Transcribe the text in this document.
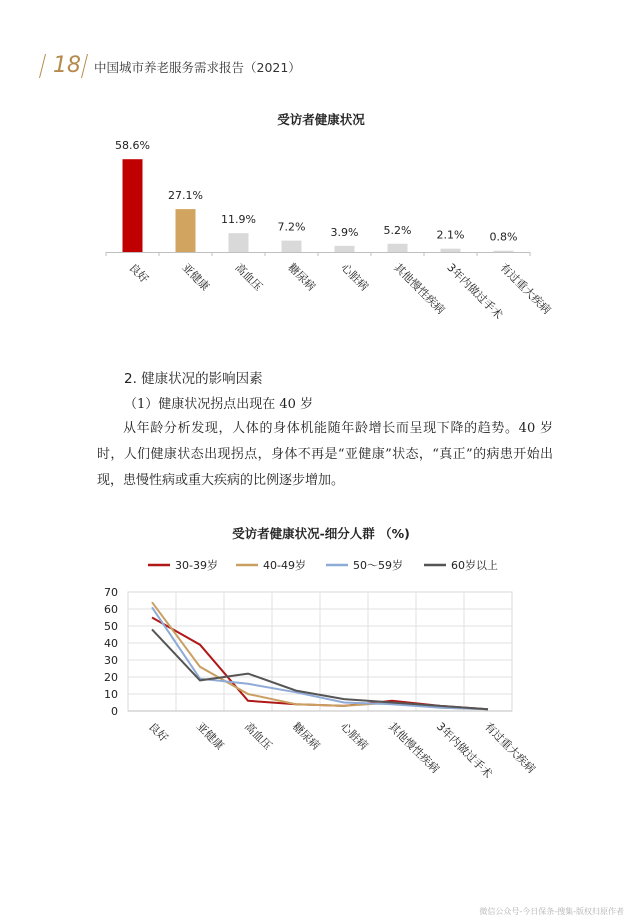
18 中国城市养老服务需求报告（2021）
受访者健康状况
58.6%
良好
27.1%
亚健康
11.9%
高血压
7.2%
糖尿病
3.9%
心脏病
5.2%
其他慢性疾病
2.1%
3年内做过手术
0.8%
有过重大疾病
2. 健康状况的影响因素
（1）健康状况拐点出现在 40 岁

从年龄分析发现，人体的身体机能随年龄增长而呈现下降的趋势。40 岁时，人们健康状态出现拐点，身体不再是“亚健康”状态，“真正”的病患开始出现，患慢性病或重大疾病的比例逐步增加。

受访者健康状况-细分人群 （%)
0
10
20
30
40
50
60
70
良好 亚健康 高血压 糖尿病 心脏病 其他慢性疾病
3年内做过手术
有过重大疾病
30-39岁	40-49岁	50～59岁	60岁以上
微信公众号-今日保条-搜集-版权归原作者
